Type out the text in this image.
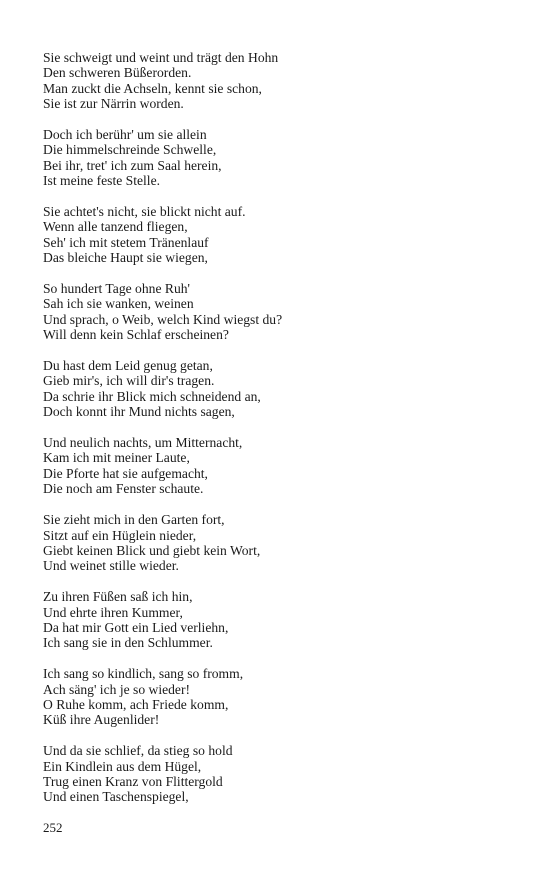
Sie schweigt und weint und trägt den Hohn
Den schweren Büßerorden.
Man zuckt die Achseln, kennt sie schon,
Sie ist zur Närrin worden.
Doch ich berühr' um sie allein
Die himmelschreinde Schwelle,
Bei ihr, tret' ich zum Saal herein,
Ist meine feste Stelle.
Sie achtet's nicht, sie blickt nicht auf.
Wenn alle tanzend fliegen,
Seh' ich mit stetem Tränenlauf
Das bleiche Haupt sie wiegen,
So hundert Tage ohne Ruh'
Sah ich sie wanken, weinen
Und sprach, o Weib, welch Kind wiegst du?
Will denn kein Schlaf erscheinen?
Du hast dem Leid genug getan,
Gieb mir's, ich will dir's tragen.
Da schrie ihr Blick mich schneidend an,
Doch konnt ihr Mund nichts sagen,
Und neulich nachts, um Mitternacht,
Kam ich mit meiner Laute,
Die Pforte hat sie aufgemacht,
Die noch am Fenster schaute.
Sie zieht mich in den Garten fort,
Sitzt auf ein Hüglein nieder,
Giebt keinen Blick und giebt kein Wort,
Und weinet stille wieder.
Zu ihren Füßen saß ich hin,
Und ehrte ihren Kummer,
Da hat mir Gott ein Lied verliehn,
Ich sang sie in den Schlummer.
Ich sang so kindlich, sang so fromm,
Ach säng' ich je so wieder!
O Ruhe komm, ach Friede komm,
Küß ihre Augenlider!
Und da sie schlief, da stieg so hold
Ein Kindlein aus dem Hügel,
Trug einen Kranz von Flittergold
Und einen Taschenspiegel,
252
